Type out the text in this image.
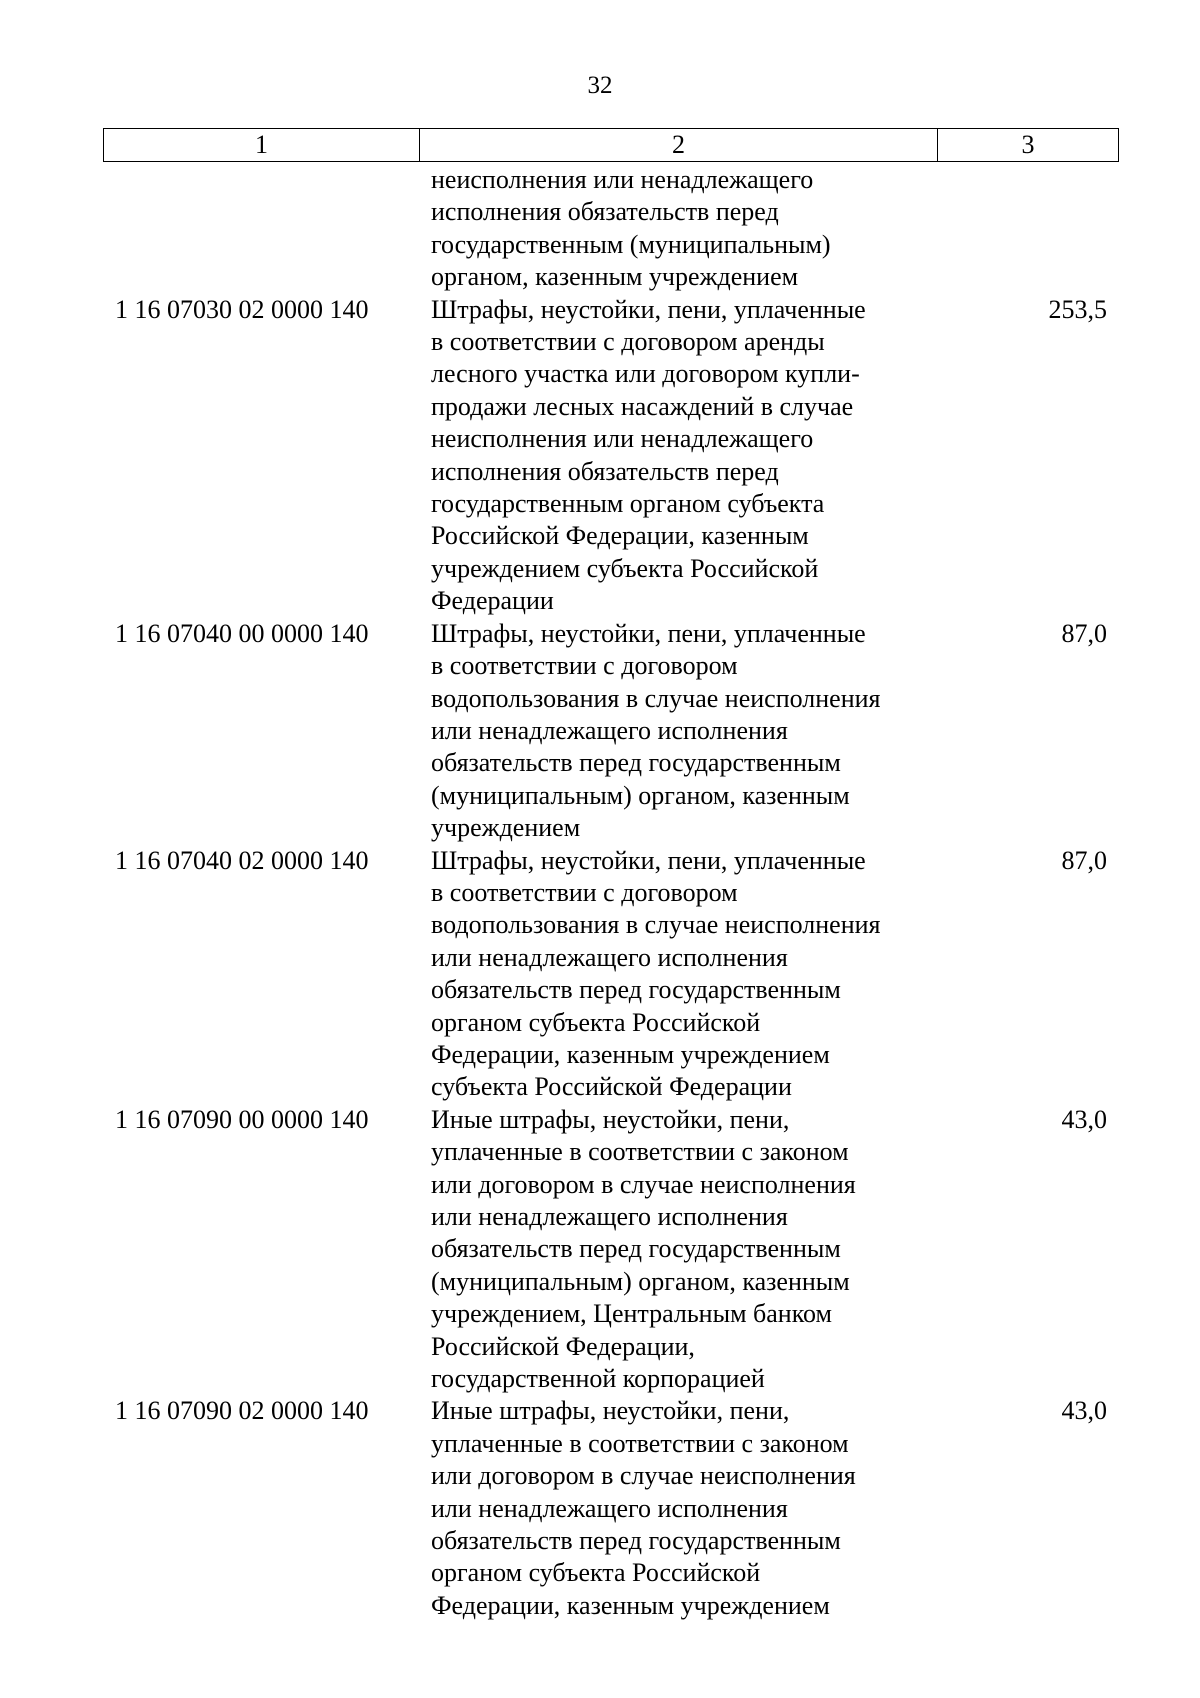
32
1	2	3
неисполнения или ненадлежащего
исполнения обязательств перед
государственным (муниципальным)
органом, казенным учреждением
1 16 07030 02 0000 140	Штрафы, неустойки, пени, уплаченные
в соответствии с договором аренды
лесного участка или договором купли-
продажи лесных насаждений в случае
неисполнения или ненадлежащего
исполнения обязательств перед
государственным органом субъекта
Российской Федерации, казенным
учреждением субъекта Российской
Федерации
253,5
1 16 07040 00 0000 140	Штрафы, неустойки, пени, уплаченные
в соответствии с договором
водопользования в случае неисполнения
или ненадлежащего исполнения
обязательств перед государственным
(муниципальным) органом, казенным
учреждением
87,0
1 16 07040 02 0000 140	Штрафы, неустойки, пени, уплаченные
в соответствии с договором
водопользования в случае неисполнения
или ненадлежащего исполнения
обязательств перед государственным
органом субъекта Российской
Федерации, казенным учреждением
субъекта Российской Федерации
87,0
1 16 07090 00 0000 140	Иные штрафы, неустойки, пени,
уплаченные в соответствии с законом
или договором в случае неисполнения
или ненадлежащего исполнения
обязательств перед государственным
(муниципальным) органом, казенным
учреждением, Центральным банком
Российской Федерации,
государственной корпорацией
43,0
1 16 07090 02 0000 140	Иные штрафы, неустойки, пени,
уплаченные в соответствии с законом
или договором в случае неисполнения
или ненадлежащего исполнения
обязательств перед государственным
органом субъекта Российской
Федерации, казенным учреждением
43,0
